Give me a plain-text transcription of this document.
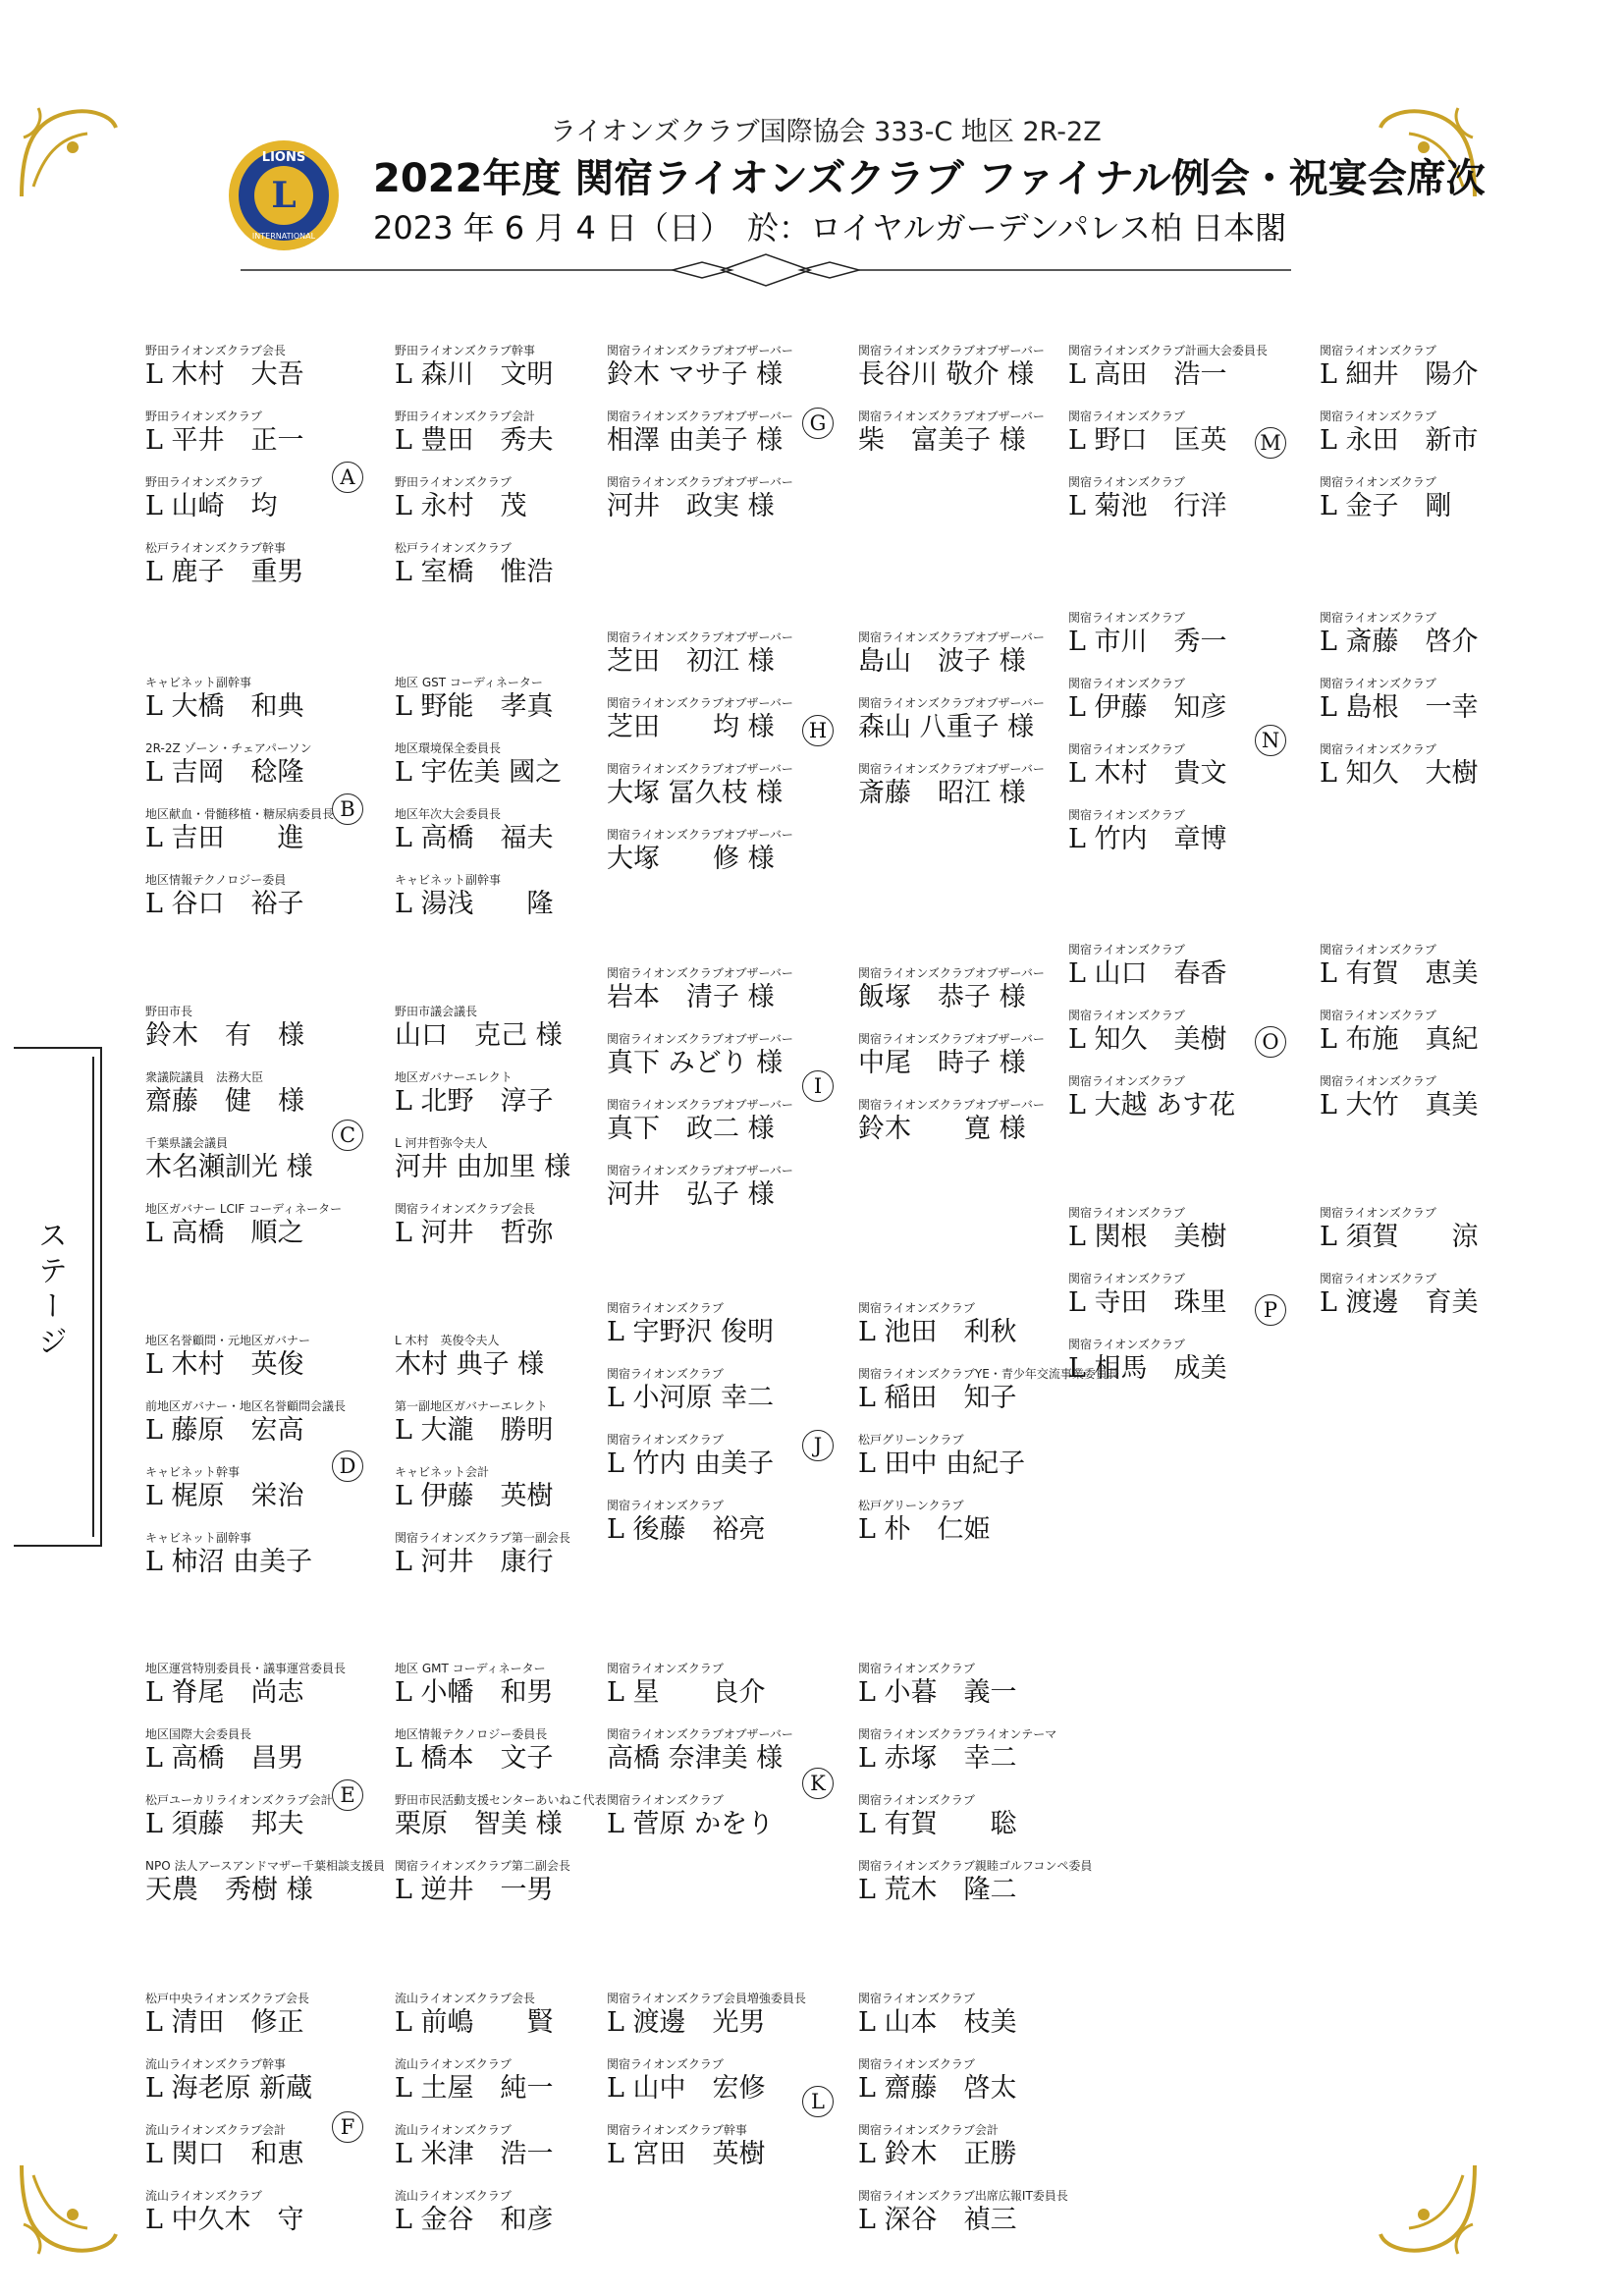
L
LIONS
INTERNATIONAL
ライオンズクラブ国際協会 333-C 地区 2R-2Z
2022年度 関宿ライオンズクラブ ファイナル例会・祝宴会席次
2023 年 6 月 4 日（日）　於：ロイヤルガーデンパレス柏 日本閣
ステージ
野田ライオンズクラブ会長
L 木村　大吾
野田ライオンズクラブ
L 平井　正一
野田ライオンズクラブ
L 山崎　均
松戸ライオンズクラブ幹事
L 鹿子　重男
野田ライオンズクラブ幹事
L 森川　文明
野田ライオンズクラブ会計
L 豊田　秀夫
野田ライオンズクラブ
L 永村　茂
松戸ライオンズクラブ
L 室橋　惟浩
A
キャビネット副幹事
L 大橋　和典
2R-2Z ゾーン・チェアパーソン
L 吉岡　稔隆
地区献血・骨髄移植・糖尿病委員長
L 吉田　　進
地区情報テクノロジー委員
L 谷口　裕子
地区 GST コーディネーター
L 野能　孝真
地区環境保全委員長
L 宇佐美 國之
地区年次大会委員長
L 高橋　福夫
キャビネット副幹事
L 湯浅　　隆
B
野田市長
鈴木　有　様
衆議院議員　法務大臣
齋藤　健　様
千葉県議会議員
木名瀬訓光 様
地区ガバナー LCIF コーディネーター
L 高橋　順之
野田市議会議長
山口　克己 様
地区ガバナーエレクト
L 北野　淳子
L 河井哲弥令夫人
河井 由加里 様
関宿ライオンズクラブ会長
L 河井　哲弥
C
地区名誉顧問・元地区ガバナー
L 木村　英俊
前地区ガバナー・地区名誉顧問会議長
L 藤原　宏高
キャビネット幹事
L 梶原　栄治
キャビネット副幹事
L 柿沼 由美子
L 木村　英俊令夫人
木村 典子 様
第一副地区ガバナーエレクト
L 大瀧　勝明
キャビネット会計
L 伊藤　英樹
関宿ライオンズクラブ第一副会長
L 河井　康行
D
地区運営特別委員長・議事運営委員長
L 脊尾　尚志
地区国際大会委員長
L 高橋　昌男
松戸ユーカリライオンズクラブ会計
L 須藤　邦夫
NPO 法人アースアンドマザー千葉相談支援員
天農　秀樹 様
地区 GMT コーディネーター
L 小幡　和男
地区情報テクノロジー委員長
L 橋本　文子
野田市民活動支援センターあいねこ代表
栗原　智美 様
関宿ライオンズクラブ第二副会長
L 逆井　一男
E
松戸中央ライオンズクラブ会長
L 清田　修正
流山ライオンズクラブ幹事
L 海老原 新蔵
流山ライオンズクラブ会計
L 関口　和恵
流山ライオンズクラブ
L 中久木　守
流山ライオンズクラブ会長
L 前嶋　　賢
流山ライオンズクラブ
L 土屋　純一
流山ライオンズクラブ
L 米津　浩一
流山ライオンズクラブ
L 金谷　和彦
F
関宿ライオンズクラブオブザーバー
鈴木 マサ子 様
関宿ライオンズクラブオブザーバー
相澤 由美子 様
関宿ライオンズクラブオブザーバー
河井　政実 様
関宿ライオンズクラブオブザーバー
長谷川 敬介 様
関宿ライオンズクラブオブザーバー
柴　富美子 様
G
関宿ライオンズクラブオブザーバー
芝田　初江 様
関宿ライオンズクラブオブザーバー
芝田　　均 様
関宿ライオンズクラブオブザーバー
大塚 冨久枝 様
関宿ライオンズクラブオブザーバー
大塚　　修 様
関宿ライオンズクラブオブザーバー
島山　波子 様
関宿ライオンズクラブオブザーバー
森山 八重子 様
関宿ライオンズクラブオブザーバー
斎藤　昭江 様
H
関宿ライオンズクラブオブザーバー
岩本　清子 様
関宿ライオンズクラブオブザーバー
真下 みどり 様
関宿ライオンズクラブオブザーバー
真下　政二 様
関宿ライオンズクラブオブザーバー
河井　弘子 様
関宿ライオンズクラブオブザーバー
飯塚　恭子 様
関宿ライオンズクラブオブザーバー
中尾　時子 様
関宿ライオンズクラブオブザーバー
鈴木　　寛 様
I
関宿ライオンズクラブ
L 宇野沢 俊明
関宿ライオンズクラブ
L 小河原 幸二
関宿ライオンズクラブ
L 竹内 由美子
関宿ライオンズクラブ
L 後藤　裕亮
関宿ライオンズクラブ
L 池田　利秋
関宿ライオンズクラブYE・青少年交流事業委員長
L 稲田　知子
松戸グリーンクラブ
L 田中 由紀子
松戸グリーンクラブ
L 朴　仁姫
J
関宿ライオンズクラブ
L 星　　良介
関宿ライオンズクラブオブザーバー
高橋 奈津美 様
関宿ライオンズクラブ
L 菅原 かをり
関宿ライオンズクラブ
L 小暮　義一
関宿ライオンズクラブライオンテーマ
L 赤塚　幸二
関宿ライオンズクラブ
L 有賀　　聡
関宿ライオンズクラブ親睦ゴルフコンペ委員
L 荒木　隆二
K
関宿ライオンズクラブ会員増強委員長
L 渡邊　光男
関宿ライオンズクラブ
L 山中　宏修
関宿ライオンズクラブ幹事
L 宮田　英樹
関宿ライオンズクラブ
L 山本　枝美
関宿ライオンズクラブ
L 齋藤　啓太
関宿ライオンズクラブ会計
L 鈴木　正勝
関宿ライオンズクラブ出席広報IT委員長
L 深谷　禎三
L
関宿ライオンズクラブ計画大会委員長
L 高田　浩一
関宿ライオンズクラブ
L 野口　匡英
関宿ライオンズクラブ
L 菊池　行洋
関宿ライオンズクラブ
L 細井　陽介
関宿ライオンズクラブ
L 永田　新市
関宿ライオンズクラブ
L 金子　剛
M
関宿ライオンズクラブ
L 市川　秀一
関宿ライオンズクラブ
L 伊藤　知彦
関宿ライオンズクラブ
L 木村　貴文
関宿ライオンズクラブ
L 竹内　章博
関宿ライオンズクラブ
L 斎藤　啓介
関宿ライオンズクラブ
L 島根　一幸
関宿ライオンズクラブ
L 知久　大樹
N
関宿ライオンズクラブ
L 山口　春香
関宿ライオンズクラブ
L 知久　美樹
関宿ライオンズクラブ
L 大越 あす花
関宿ライオンズクラブ
L 有賀　恵美
関宿ライオンズクラブ
L 布施　真紀
関宿ライオンズクラブ
L 大竹　真美
O
関宿ライオンズクラブ
L 関根　美樹
関宿ライオンズクラブ
L 寺田　珠里
関宿ライオンズクラブ
L 相馬　成美
関宿ライオンズクラブ
L 須賀　　涼
関宿ライオンズクラブ
L 渡邊　育美
P
